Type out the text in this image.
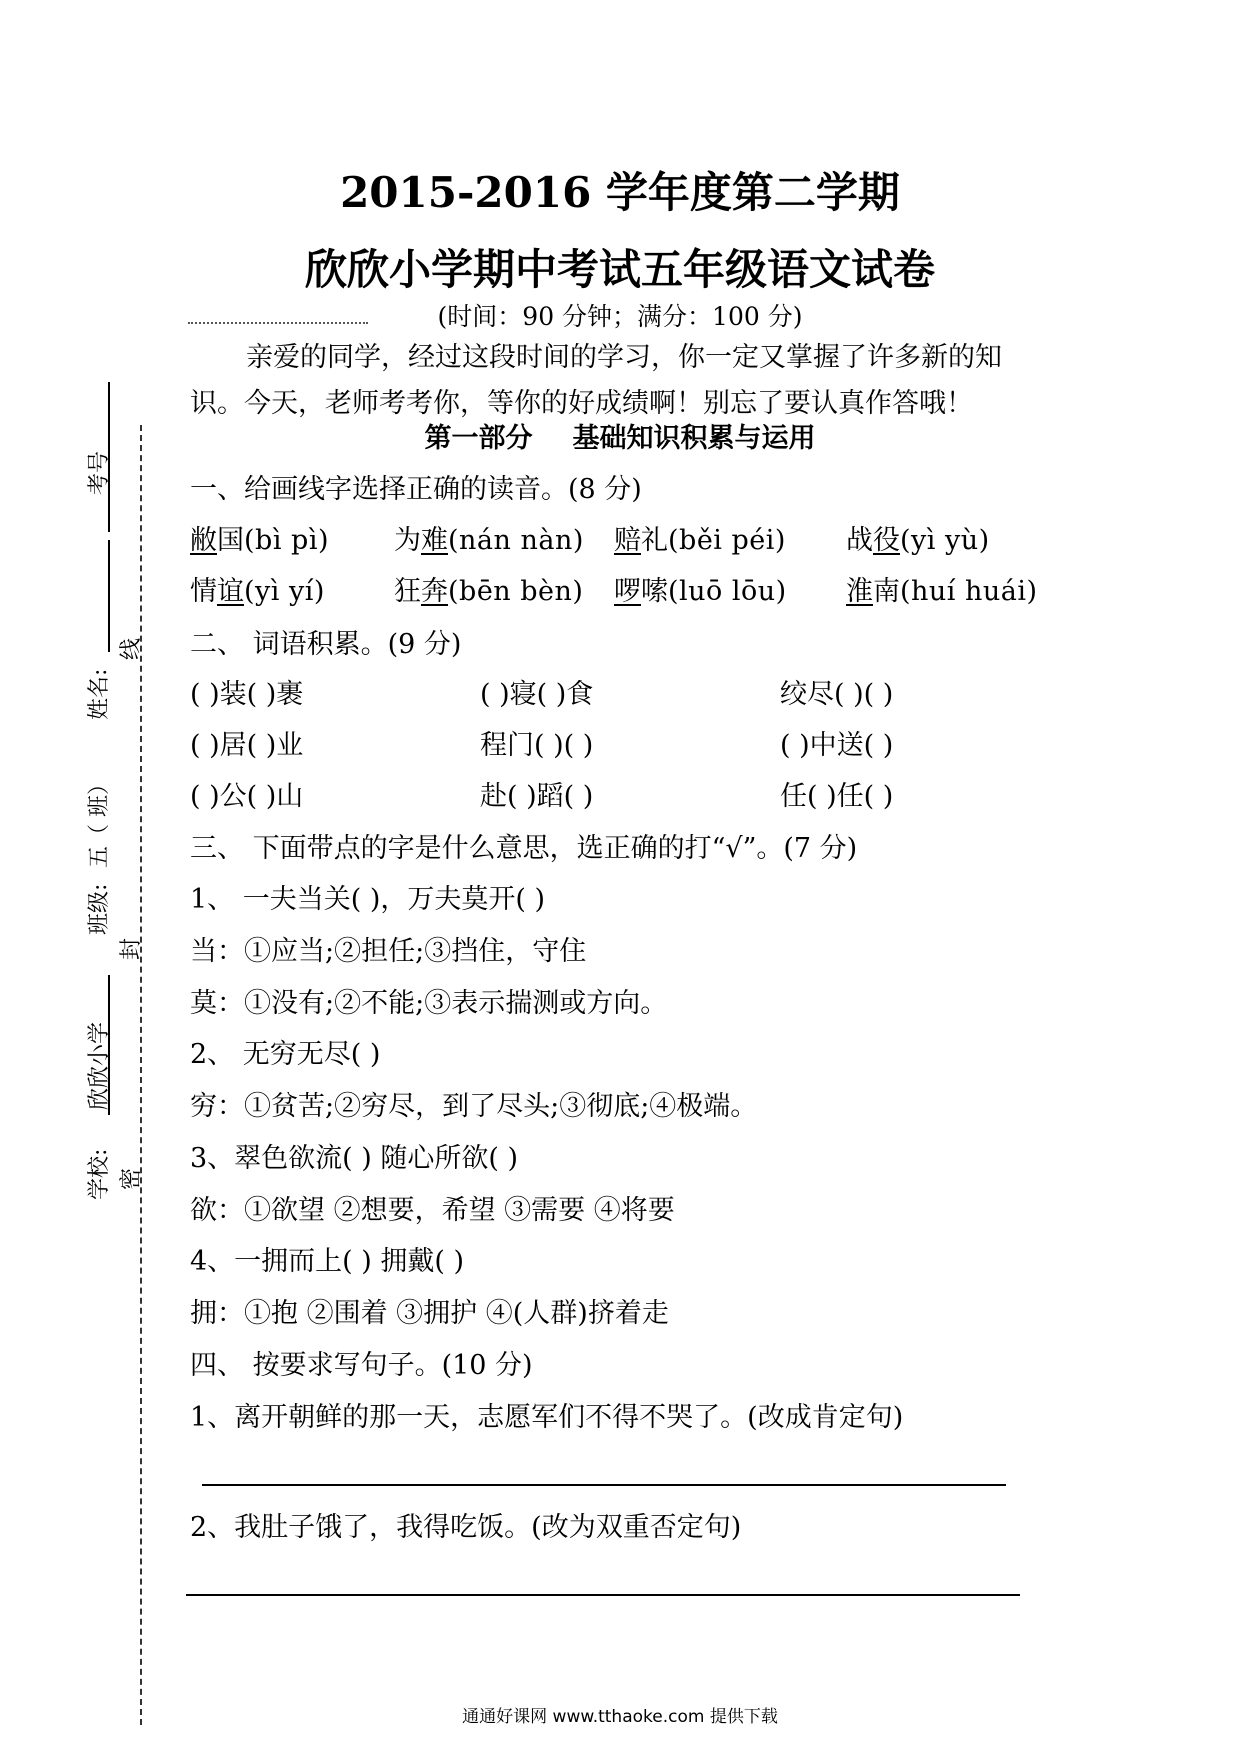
考号
姓名:
班级:
五（ 班）
欣欣小学
学校:
线
封
密
2015-2016 学年度第二学期
欣欣小学期中考试五年级语文试卷
(时间：90 分钟；满分：100 分)
亲爱的同学，经过这段时间的学习，你一定又掌握了许多新的知
识。今天，老师考考你，等你的好成绩啊！别忘了要认真作答哦！
第一部分 基础知识积累与运用
一、给画线字选择正确的读音。(8 分)
敝国(bì pì)	为难(nán nàn)	赔礼(běi péi)	战役(yì yù)
情谊(yì yí)	狂奔(bēn bèn)	啰嗦(luō lōu)	淮南(huí huái)
二、 词语积累。(9 分)
( )装( )裹	( )寝( )食	绞尽( )( )
( )居( )业	程门( )( )	( )中送( )
( )公( )山	赴( )蹈( )	任( )任( )
三、 下面带点的字是什么意思，选正确的打“√”。(7 分)
1、 一夫当关( )，万夫莫开( )
当：①应当;②担任;③挡住，守住
莫：①没有;②不能;③表示揣测或方向。
2、 无穷无尽( )
穷：①贫苦;②穷尽，到了尽头;③彻底;④极端。
3、翠色欲流( ) 随心所欲( )
欲：①欲望 ②想要，希望 ③需要 ④将要
4、一拥而上( ) 拥戴( )
拥：①抱 ②围着 ③拥护 ④(人群)挤着走
四、 按要求写句子。(10 分)
1、离开朝鲜的那一天，志愿军们不得不哭了。(改成肯定句)
2、我肚子饿了，我得吃饭。(改为双重否定句)
通通好课网 www.tthaoke.com 提供下载
